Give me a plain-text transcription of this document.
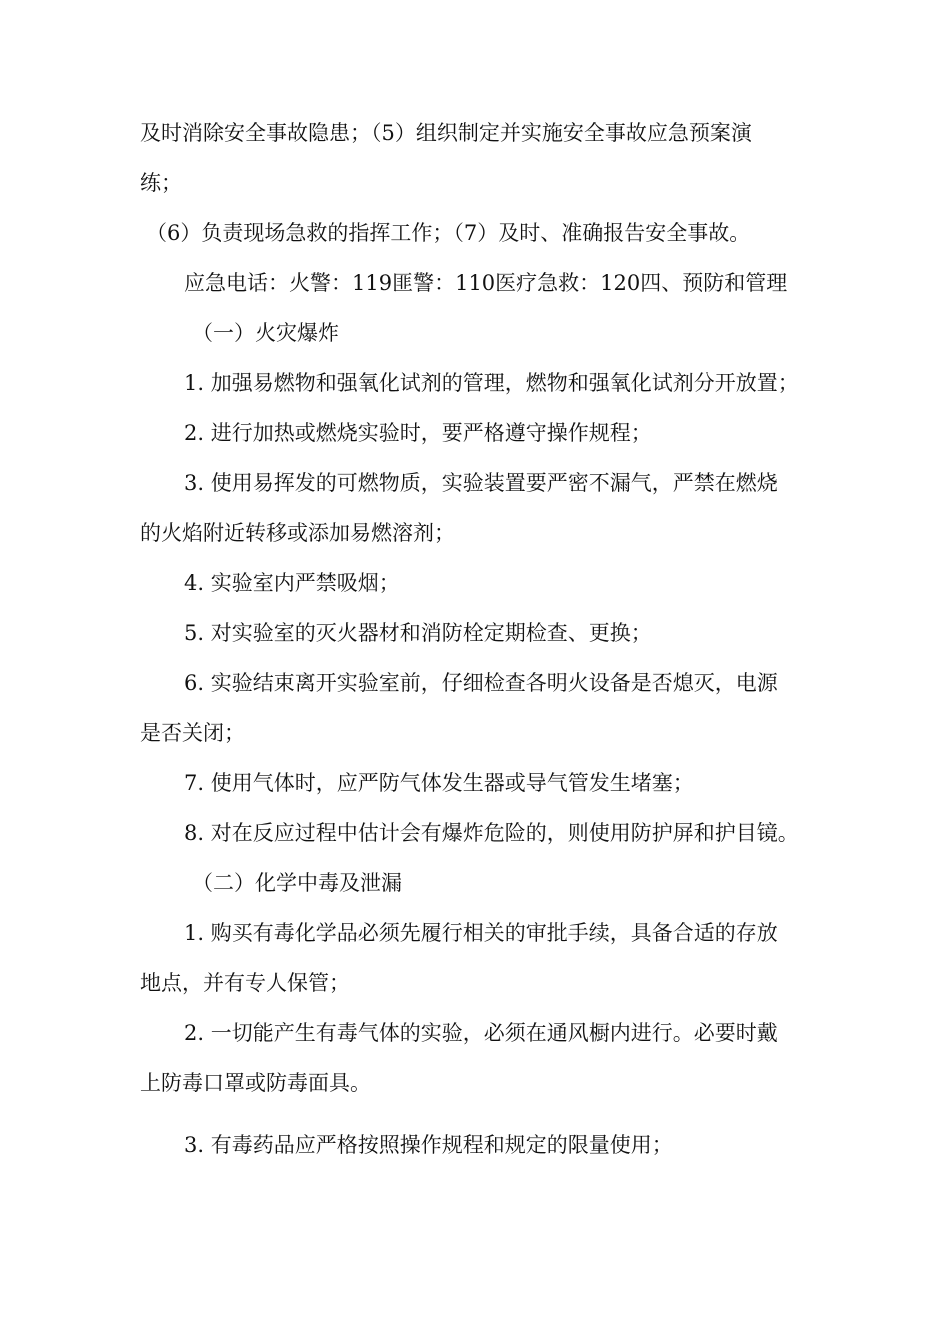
及时消除安全事故隐患；（5）组织制定并实施安全事故应急预案演
练；
（6）负责现场急救的指挥工作；（7）及时、准确报告安全事故。
应急电话：火警：119匪警：110医疗急救：120四、预防和管理
（一）火灾爆炸
1. 加强易燃物和强氧化试剂的管理，燃物和强氧化试剂分开放置；
2. 进行加热或燃烧实验时，要严格遵守操作规程；
3. 使用易挥发的可燃物质，实验装置要严密不漏气，严禁在燃烧
的火焰附近转移或添加易燃溶剂；
4. 实验室内严禁吸烟；
5. 对实验室的灭火器材和消防栓定期检查、更换；
6. 实验结束离开实验室前，仔细检查各明火设备是否熄灭，电源
是否关闭；
7. 使用气体时，应严防气体发生器或导气管发生堵塞；
8. 对在反应过程中估计会有爆炸危险的，则使用防护屏和护目镜。
（二）化学中毒及泄漏
1. 购买有毒化学品必须先履行相关的审批手续，具备合适的存放
地点，并有专人保管；
2. 一切能产生有毒气体的实验，必须在通风橱内进行。必要时戴
上防毒口罩或防毒面具。
3. 有毒药品应严格按照操作规程和规定的限量使用；
